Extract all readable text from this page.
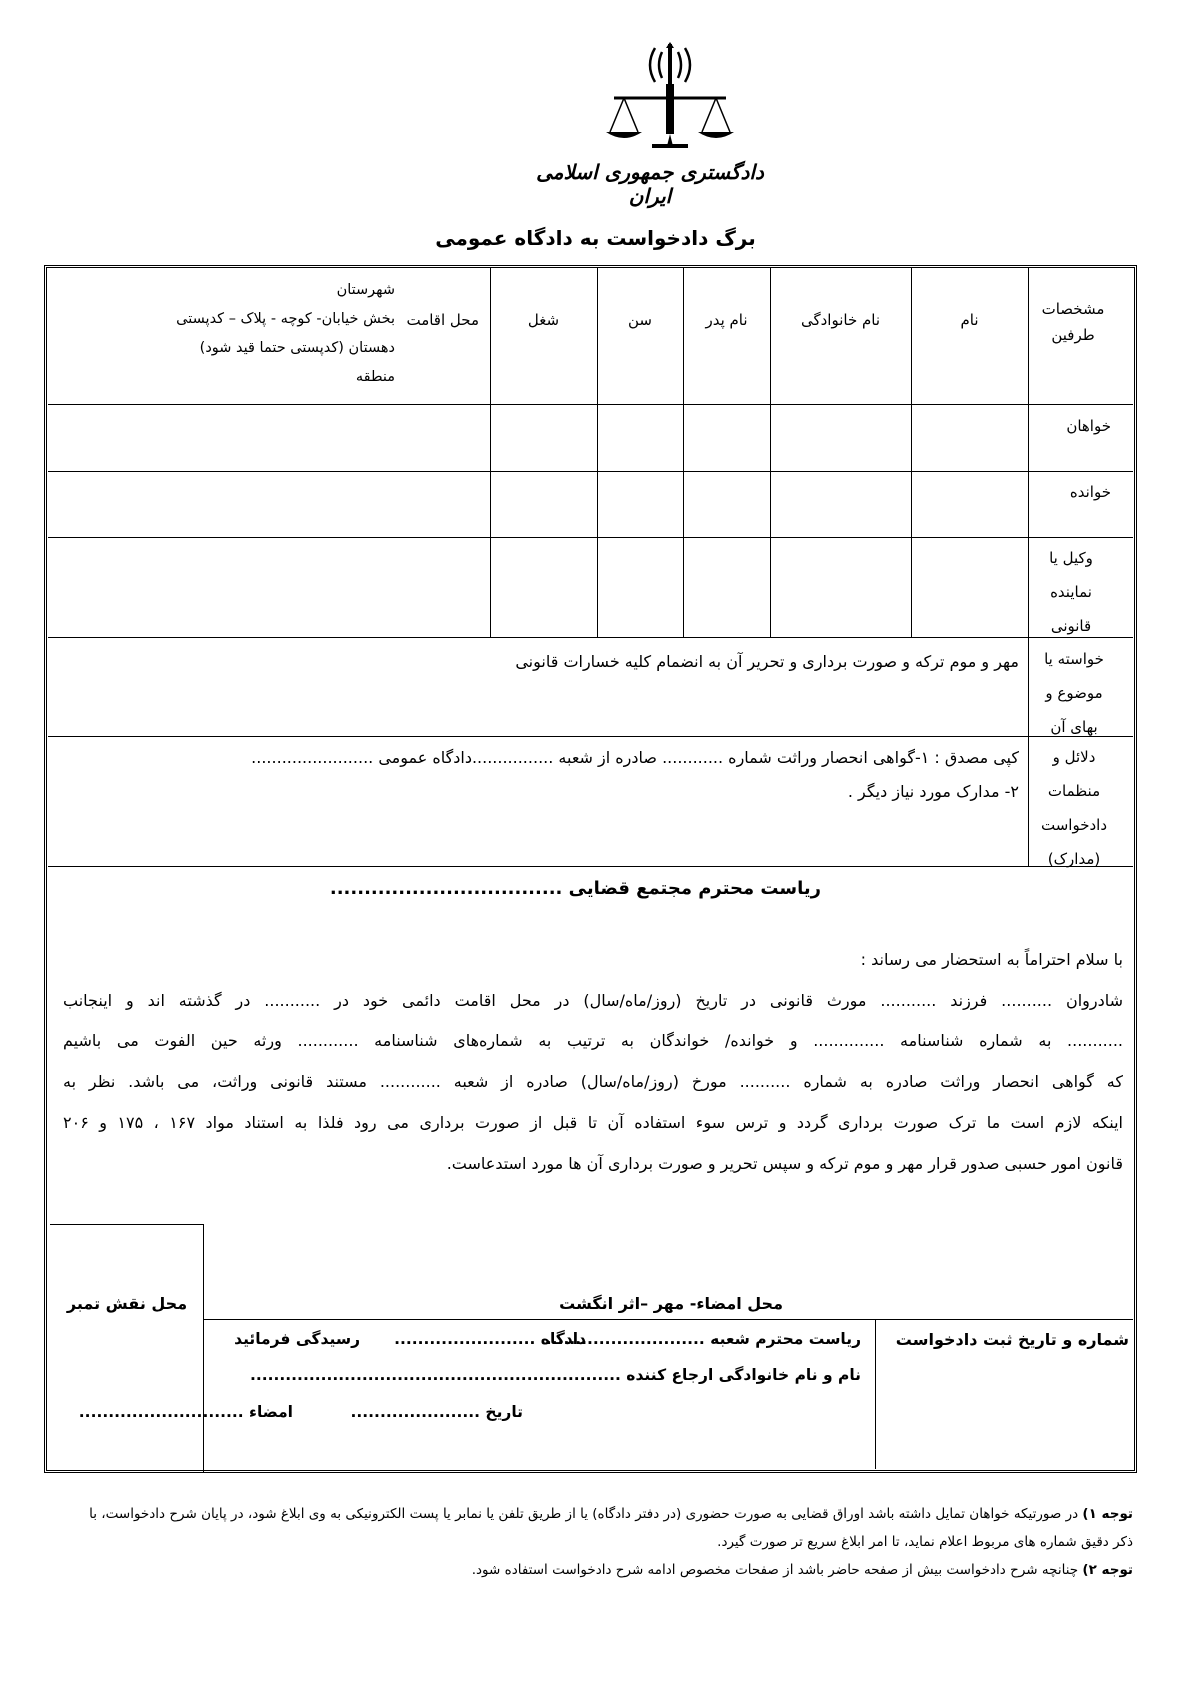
دادگستری جمهوری اسلامی ایران
برگ دادخواست به دادگاه عمومی
مشخصات
طرفین
نام
نام خانوادگی
نام پدر
سن
شغل
محل اقامت
شهرستان
بخش خیابان- کوچه - پلاک – کدپستی
دهستان (کدپستی حتما قید شود)
منطقه
خواهان
خوانده
وکیل یا
نماینده
قانونی
خواسته یا
موضوع و
بهای آن
مهر و موم ترکه و صورت برداری و تحریر آن به انضمام کلیه خسارات قانونی
دلائل و
منظمات
دادخواست
(مدارک)
کپی مصدق : ۱-گواهی انحصار وراثت شماره ............ صادره از شعبه ................دادگاه عمومی ........................
۲- مدارک مورد نیاز دیگر .
ریاست محترم مجتمع قضایی ..................................
با سلام احتراماً به استحضار می رساند :
شادروان .......... فرزند ........... مورث قانونی در تاریخ (روز/ماه/سال) در محل اقامت دائمی خود در ........... در گذشته اند و اینجانب
........... به شماره شناسنامه .............. و خوانده/ خواندگان به ترتیب به شماره‌های شناسنامه ............ ورثه حین الفوت می باشیم
که گواهی انحصار وراثت صادره به شماره .......... مورخ (روز/ماه/سال) صادره از شعبه ............ مستند قانونی وراثت، می باشد. نظر به
اینکه لازم است ما ترک صورت برداری گردد و ترس سوء استفاده آن تا قبل از صورت برداری می رود فلذا به استناد مواد ۱۶۷ ، ۱۷۵ و ۲۰۶
قانون امور حسبی صدور قرار مهر و موم ترکه و سپس تحریر و صورت برداری آن ها مورد استدعاست.
محل نقش تمبر	محل امضاء- مهر –اثر انگشت
شماره و تاریخ ثبت دادخواست
ریاست محترم شعبه ...........................
دادگاه ........................
رسیدگی فرمائید
نام و نام خانوادگی ارجاع کننده ...............................................................
تاریخ ......................
امضاء ............................
توجه ۱) در صورتیکه خواهان تمایل داشته باشد اوراق قضایی به صورت حضوری (در دفتر دادگاه) یا از طریق تلفن یا نمابر یا پست الکترونیکی به وی ابلاغ شود، در پایان شرح دادخواست، با ذکر دقیق شماره های مربوط اعلام نماید، تا امر ابلاغ سریع تر صورت گیرد.
توجه ۲) چنانچه شرح دادخواست بیش از صفحه حاضر باشد از صفحات مخصوص ادامه شرح دادخواست استفاده شود.
